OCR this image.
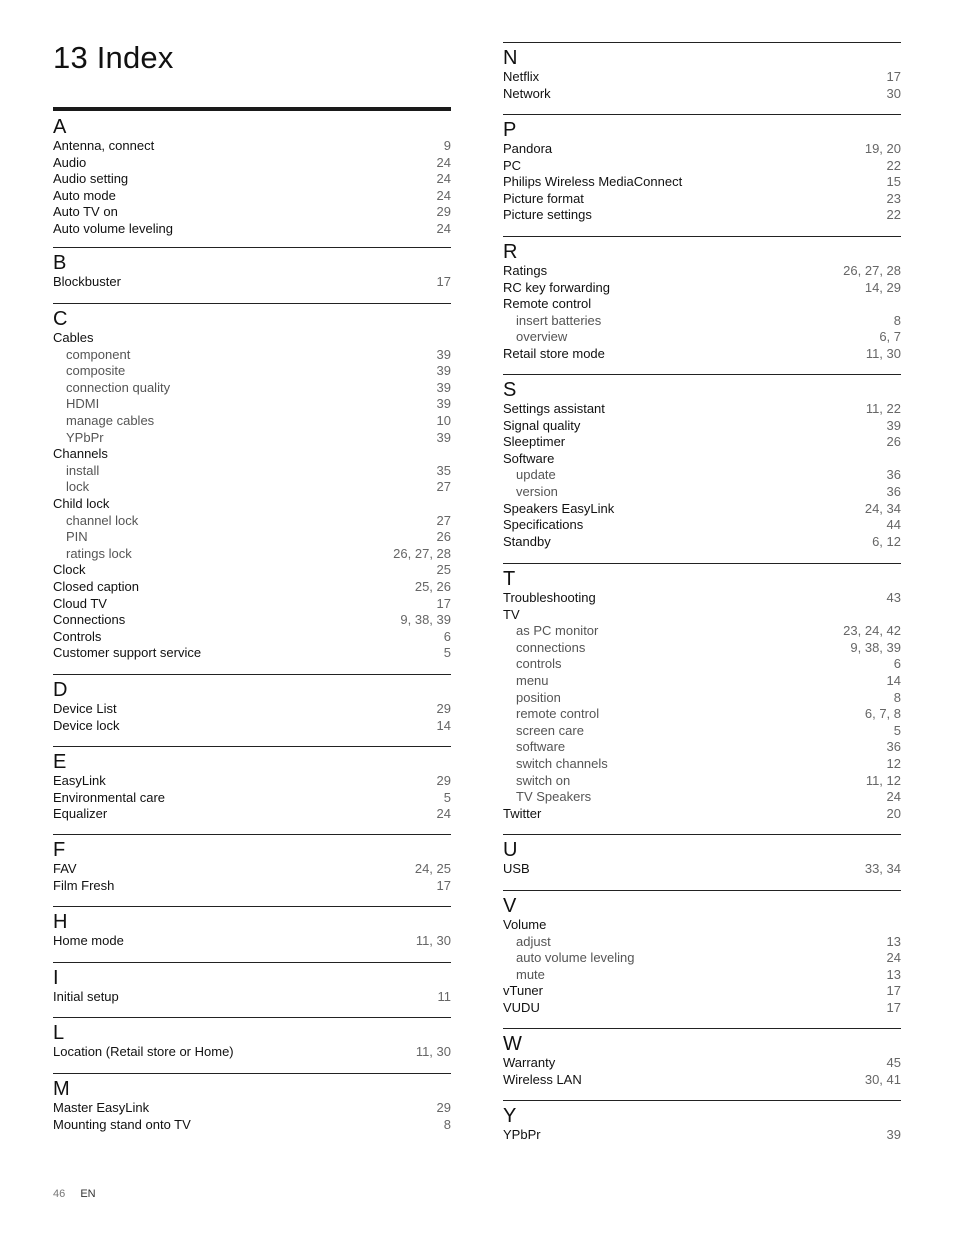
13 Index
A
Antenna, connect	9
Audio	24
Audio setting	24
Auto mode	24
Auto TV on	29
Auto volume leveling	24
B
Blockbuster	17
C
Cables
component	39
composite	39
connection quality	39
HDMI	39
manage cables	10
YPbPr	39
Channels
install	35
lock	27
Child lock
channel lock	27
PIN	26
ratings lock	26, 27, 28
Clock	25
Closed caption	25, 26
Cloud TV	17
Connections	9, 38, 39
Controls	6
Customer support service	5
D
Device List	29
Device lock	14
E
EasyLink	29
Environmental care	5
Equalizer	24
F
FAV	24, 25
Film Fresh	17
H
Home mode	11, 30
I
Initial setup	11
L
Location (Retail store or Home)	11, 30
M
Master EasyLink	29
Mounting stand onto TV	8
N
Netflix	17
Network	30
P
Pandora	19, 20
PC	22
Philips Wireless MediaConnect	15
Picture format	23
Picture settings	22
R
Ratings	26, 27, 28
RC key forwarding	14, 29
Remote control
insert batteries	8
overview	6, 7
Retail store mode	11, 30
S
Settings assistant	11, 22
Signal quality	39
Sleeptimer	26
Software
update	36
version	36
Speakers EasyLink	24, 34
Specifications	44
Standby	6, 12
T
Troubleshooting	43
TV
as PC monitor	23, 24, 42
connections	9, 38, 39
controls	6
menu	14
position	8
remote control	6, 7, 8
screen care	5
software	36
switch channels	12
switch on	11, 12
TV Speakers	24
Twitter	20
U
USB	33, 34
V
Volume
adjust	13
auto volume leveling	24
mute	13
vTuner	17
VUDU	17
W
Warranty	45
Wireless LAN	30, 41
Y
YPbPr	39
46 EN
